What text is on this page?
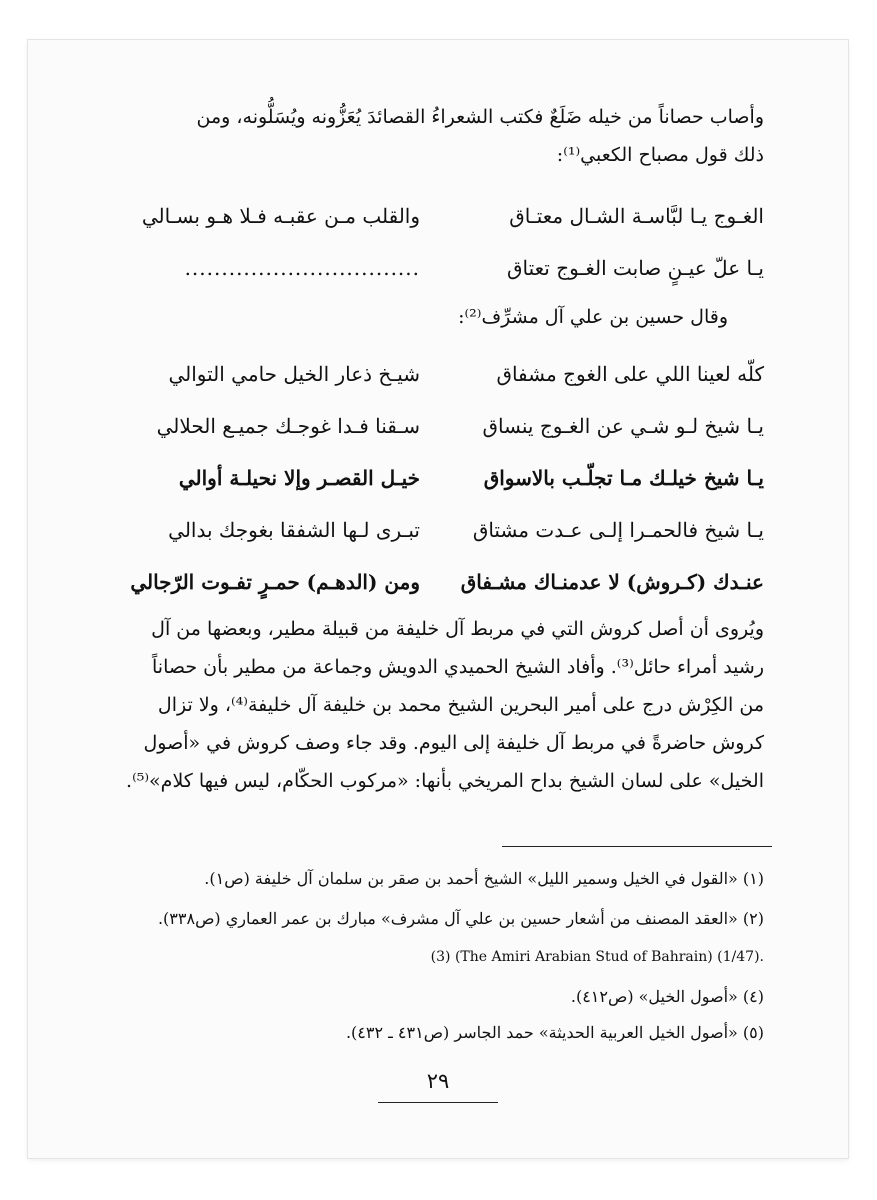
وأصاب حصاناً من خيله ضَلَعٌ فكتب الشعراءُ القصائدَ يُعَزُّونه ويُسَلُّونه، ومن
ذلك قول مصباح الكعبي⁽¹⁾:
الغـوج يـا لبَّاسـة الشـال معتـاق
والقلب مـن عقبـه فـلا هـو بسـالي
يـا علّ عيـنٍ صابت الغـوج تعتاق
................................
وقال حسين بن علي آل مشرِّف⁽²⁾:
كلّه لعينا اللي على الغوج مشفاق
شيـخ ذعار الخيل حامي التوالي
يـا شيخ لـو شـي عن الغـوج ينساق
سـقنا فـدا غوجـك جميـع الحلالي
يـا شيخ خيلـك مـا تجلّـب بالاسواق
خيـل القصـر وإلا نحيلـة أوالي
يـا شيخ فالحمـرا إلـى عـدت مشتاق
تبـرى لـها الشفقا بغوجك بدالي
عنـدك (كـروش) لا عدمنـاك مشـفاق
ومن (الدهـم) حمـرٍ تفـوت الرّجالي
ويُروى أن أصل كروش التي في مربط آل خليفة من قبيلة مطير، وبعضها من آل
رشيد أمراء حائل⁽³⁾. وأفاد الشيخ الحميدي الدويش وجماعة من مطير بأن حصاناً
من الكِرْش درج على أمير البحرين الشيخ محمد بن خليفة آل خليفة⁽⁴⁾، ولا تزال
كروش حاضرةً في مربط آل خليفة إلى اليوم. وقد جاء وصف كروش في «أصول
الخيل» على لسان الشيخ بداح المريخي بأنها: «مركوب الحكّام، ليس فيها كلام»⁽⁵⁾.
(١) «القول في الخيل وسمير الليل» الشيخ أحمد بن صقر بن سلمان آل خليفة (ص١).
(٢) «العقد المصنف من أشعار حسين بن علي آل مشرف» مبارك بن عمر العماري (ص٣٣٨).
(3) (The Amiri Arabian Stud of Bahrain) (1/47).
(٤) «أصول الخيل» (ص٤١٢).
(٥) «أصول الخيل العربية الحديثة» حمد الجاسر (ص٤٣١ ـ ٤٣٢).
٢٩
